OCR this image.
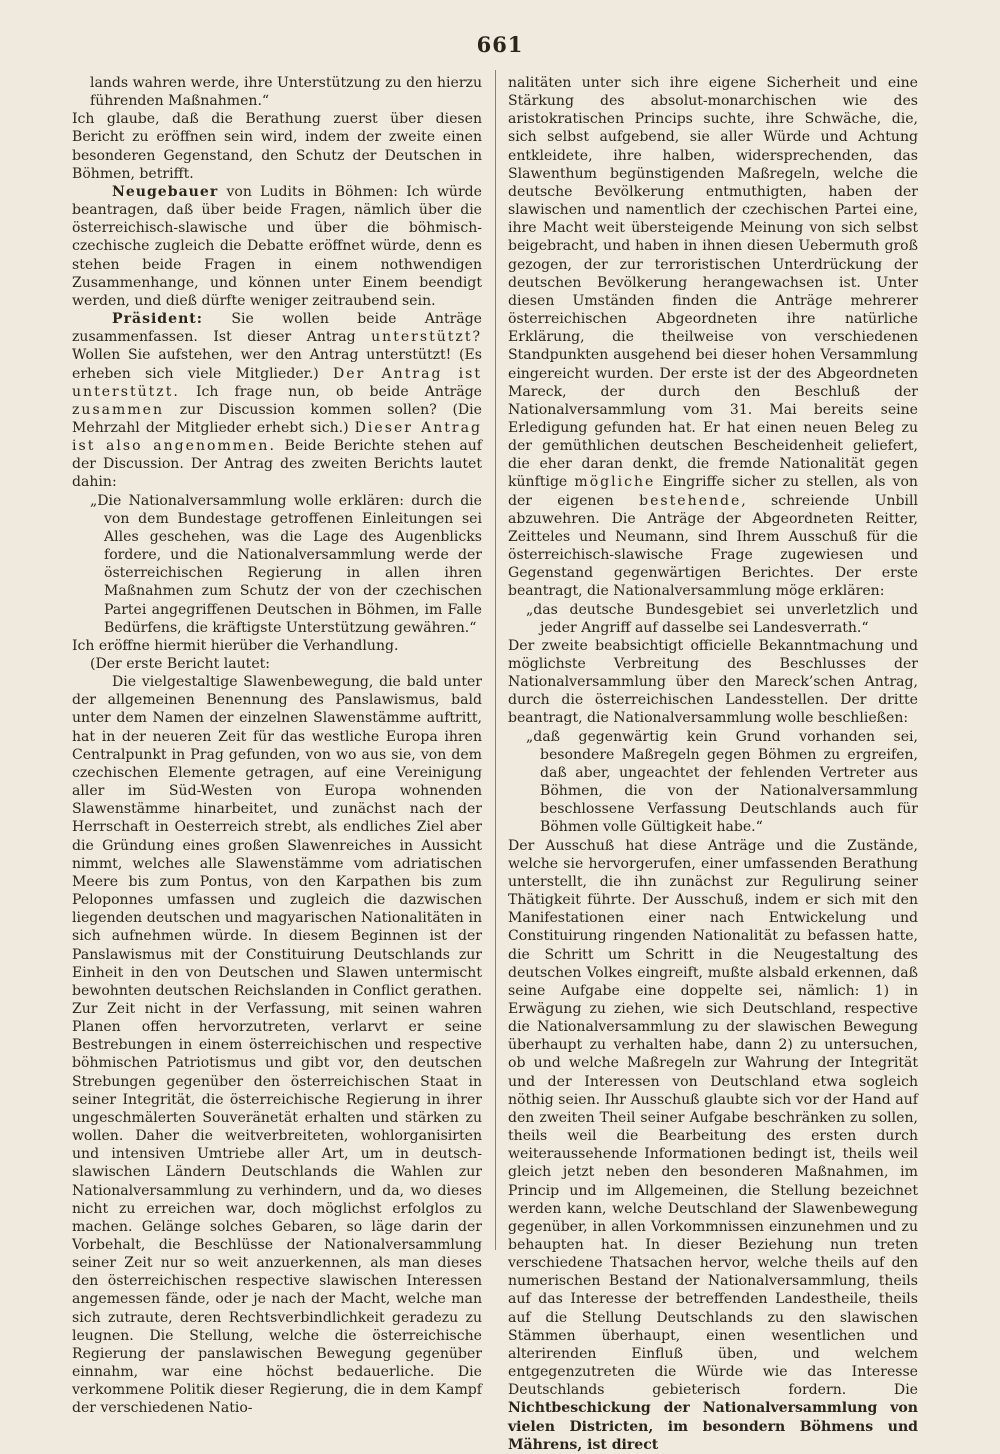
661

lands wahren werde, ihre Unterstützung zu den hierzu führenden Maßnahmen.“

Ich glaube, daß die Berathung zuerst über diesen Bericht zu eröffnen sein wird, indem der zweite einen besonderen Gegenstand, den Schutz der Deutschen in Böhmen, betrifft.

Neugebauer von Ludits in Böhmen: Ich würde beantragen, daß über beide Fragen, nämlich über die österreichisch-slawische und über die böhmisch-czechische zugleich die Debatte eröffnet würde, denn es stehen beide Fragen in einem nothwendigen Zusammenhange, und können unter Einem beendigt werden, und dieß dürfte weniger zeitraubend sein.

Präsident: Sie wollen beide Anträge zusammenfassen. Ist dieser Antrag unterstützt? Wollen Sie aufstehen, wer den Antrag unterstützt! (Es erheben sich viele Mitglieder.) Der Antrag ist unterstützt. Ich frage nun, ob beide Anträge zusammen zur Discussion kommen sollen? (Die Mehrzahl der Mitglieder erhebt sich.) Dieser Antrag ist also angenommen. Beide Berichte stehen auf der Discussion. Der Antrag des zweiten Berichts lautet dahin:

„Die Nationalversammlung wolle erklären: durch die von dem Bundestage getroffenen Einleitungen sei Alles geschehen, was die Lage des Augenblicks fordere, und die Nationalversammlung werde der österreichischen Regierung in allen ihren Maßnahmen zum Schutz der von der czechischen Partei angegriffenen Deutschen in Böhmen, im Falle Bedürfens, die kräftigste Unterstützung gewähren.“

Ich eröffne hiermit hierüber die Verhandlung.

(Der erste Bericht lautet:

Die vielgestaltige Slawenbewegung, die bald unter der allgemeinen Benennung des Panslawismus, bald unter dem Namen der einzelnen Slawenstämme auftritt, hat in der neueren Zeit für das westliche Europa ihren Centralpunkt in Prag gefunden, von wo aus sie, von dem czechischen Elemente getragen, auf eine Vereinigung aller im Süd-Westen von Europa wohnenden Slawenstämme hinarbeitet, und zunächst nach der Herrschaft in Oesterreich strebt, als endliches Ziel aber die Gründung eines großen Slawenreiches in Aussicht nimmt, welches alle Slawenstämme vom adriatischen Meere bis zum Pontus, von den Karpathen bis zum Peloponnes umfassen und zugleich die dazwischen liegenden deutschen und magyarischen Nationalitäten in sich aufnehmen würde. In diesem Beginnen ist der Panslawismus mit der Constituirung Deutschlands zur Einheit in den von Deutschen und Slawen untermischt bewohnten deutschen Reichslanden in Conflict gerathen. Zur Zeit nicht in der Verfassung, mit seinen wahren Planen offen hervorzutreten, verlarvt er seine Bestrebungen in einem österreichischen und respective böhmischen Patriotismus und gibt vor, den deutschen Strebungen gegenüber den österreichischen Staat in seiner Integrität, die österreichische Regierung in ihrer ungeschmälerten Souveränetät erhalten und stärken zu wollen. Daher die weitverbreiteten, wohlorganisirten und intensiven Umtriebe aller Art, um in deutsch-slawischen Ländern Deutschlands die Wahlen zur Nationalversammlung zu verhindern, und da, wo dieses nicht zu erreichen war, doch möglichst erfolglos zu machen. Gelänge solches Gebaren, so läge darin der Vorbehalt, die Beschlüsse der Nationalversammlung seiner Zeit nur so weit anzuerkennen, als man dieses den österreichischen respective slawischen Interessen angemessen fände, oder je nach der Macht, welche man sich zutraute, deren Rechtsverbindlichkeit geradezu zu leugnen. Die Stellung, welche die österreichische Regierung der panslawischen Bewegung gegenüber einnahm, war eine höchst bedauerliche. Die verkommene Politik dieser Regierung, die in dem Kampf der verschiedenen Natio-

nalitäten unter sich ihre eigene Sicherheit und eine Stärkung des absolut-monarchischen wie des aristokratischen Princips suchte, ihre Schwäche, die, sich selbst aufgebend, sie aller Würde und Achtung entkleidete, ihre halben, widersprechenden, das Slawenthum begünstigenden Maßregeln, welche die deutsche Bevölkerung entmuthigten, haben der slawischen und namentlich der czechischen Partei eine, ihre Macht weit übersteigende Meinung von sich selbst beigebracht, und haben in ihnen diesen Uebermuth groß gezogen, der zur terroristischen Unterdrückung der deutschen Bevölkerung herangewachsen ist. Unter diesen Umständen finden die Anträge mehrerer österreichischen Abgeordneten ihre natürliche Erklärung, die theilweise von verschiedenen Standpunkten ausgehend bei dieser hohen Versammlung eingereicht wurden. Der erste ist der des Abgeordneten Mareck, der durch den Beschluß der Nationalversammlung vom 31. Mai bereits seine Erledigung gefunden hat. Er hat einen neuen Beleg zu der gemüthlichen deutschen Bescheidenheit geliefert, die eher daran denkt, die fremde Nationalität gegen künftige mögliche Eingriffe sicher zu stellen, als von der eigenen bestehende, schreiende Unbill abzuwehren. Die Anträge der Abgeordneten Reitter, Zeitteles und Neumann, sind Ihrem Ausschuß für die österreichisch-slawische Frage zugewiesen und Gegenstand gegenwärtigen Berichtes. Der erste beantragt, die Nationalversammlung möge erklären:

„das deutsche Bundesgebiet sei unverletzlich und jeder Angriff auf dasselbe sei Landesverrath.“

Der zweite beabsichtigt officielle Bekanntmachung und möglichste Verbreitung des Beschlusses der Nationalversammlung über den Mareck’schen Antrag, durch die österreichischen Landesstellen. Der dritte beantragt, die Nationalversammlung wolle beschließen:

„daß gegenwärtig kein Grund vorhanden sei, besondere Maßregeln gegen Böhmen zu ergreifen, daß aber, ungeachtet der fehlenden Vertreter aus Böhmen, die von der Nationalversammlung beschlossene Verfassung Deutschlands auch für Böhmen volle Gültigkeit habe.“

Der Ausschuß hat diese Anträge und die Zustände, welche sie hervorgerufen, einer umfassenden Berathung unterstellt, die ihn zunächst zur Regulirung seiner Thätigkeit führte. Der Ausschuß, indem er sich mit den Manifestationen einer nach Entwickelung und Constituirung ringenden Nationalität zu befassen hatte, die Schritt um Schritt in die Neugestaltung des deutschen Volkes eingreift, mußte alsbald erkennen, daß seine Aufgabe eine doppelte sei, nämlich: 1) in Erwägung zu ziehen, wie sich Deutschland, respective die Nationalversammlung zu der slawischen Bewegung überhaupt zu verhalten habe, dann 2) zu untersuchen, ob und welche Maßregeln zur Wahrung der Integrität und der Interessen von Deutschland etwa sogleich nöthig seien. Ihr Ausschuß glaubte sich vor der Hand auf den zweiten Theil seiner Aufgabe beschränken zu sollen, theils weil die Bearbeitung des ersten durch weiteraussehende Informationen bedingt ist, theils weil gleich jetzt neben den besonderen Maßnahmen, im Princip und im Allgemeinen, die Stellung bezeichnet werden kann, welche Deutschland der Slawenbewegung gegenüber, in allen Vorkommnissen einzunehmen und zu behaupten hat. In dieser Beziehung nun treten verschiedene Thatsachen hervor, welche theils auf den numerischen Bestand der Nationalversammlung, theils auf das Interesse der betreffenden Landestheile, theils auf die Stellung Deutschlands zu den slawischen Stämmen überhaupt, einen wesentlichen und alterirenden Einfluß üben, und welchem entgegenzutreten die Würde wie das Interesse Deutschlands gebieterisch fordern. Die Nichtbeschickung der Nationalversammlung von vielen Districten, im besondern Böhmens und Mährens, ist direct
